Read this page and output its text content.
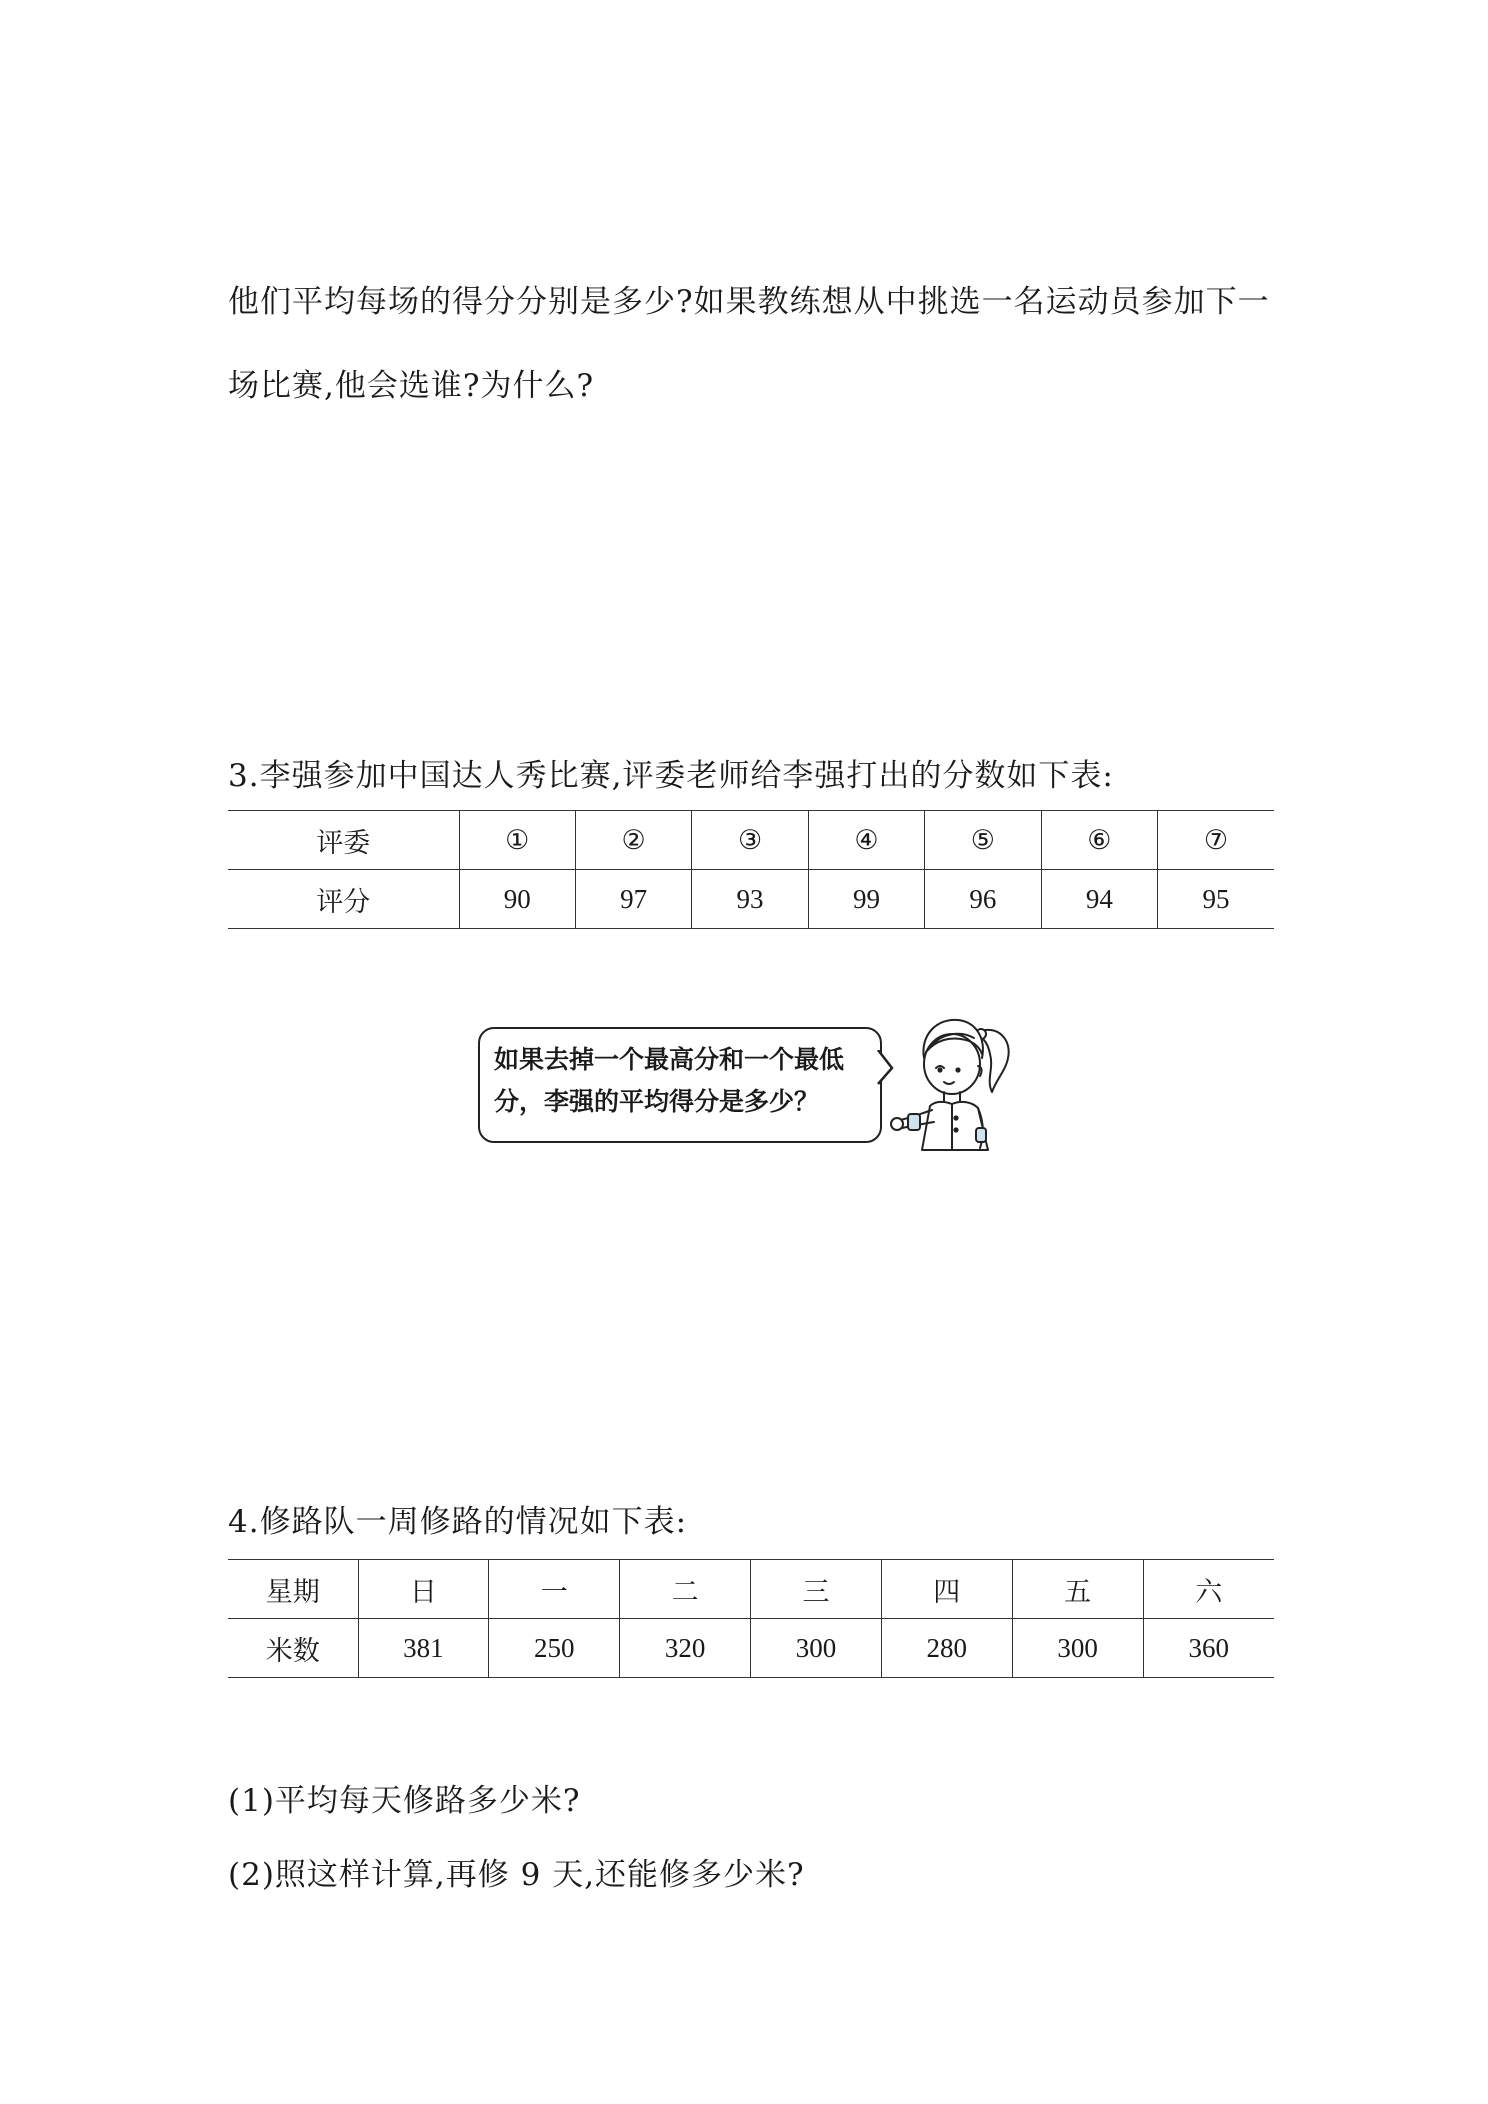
他们平均每场的得分分别是多少?如果教练想从中挑选一名运动员参加下一
场比赛,他会选谁?为什么?
3.李强参加中国达人秀比赛,评委老师给李强打出的分数如下表:
评委	①	②	③	④	⑤	⑥	⑦
评分	90	97	93	99	96	94	95
如果去掉一个最高分和一个最低
分，李强的平均得分是多少？
4.修路队一周修路的情况如下表:
星期	日	一	二	三	四	五	六
米数	381	250	320	300	280	300	360
(1)平均每天修路多少米?
(2)照这样计算,再修 9 天,还能修多少米?
